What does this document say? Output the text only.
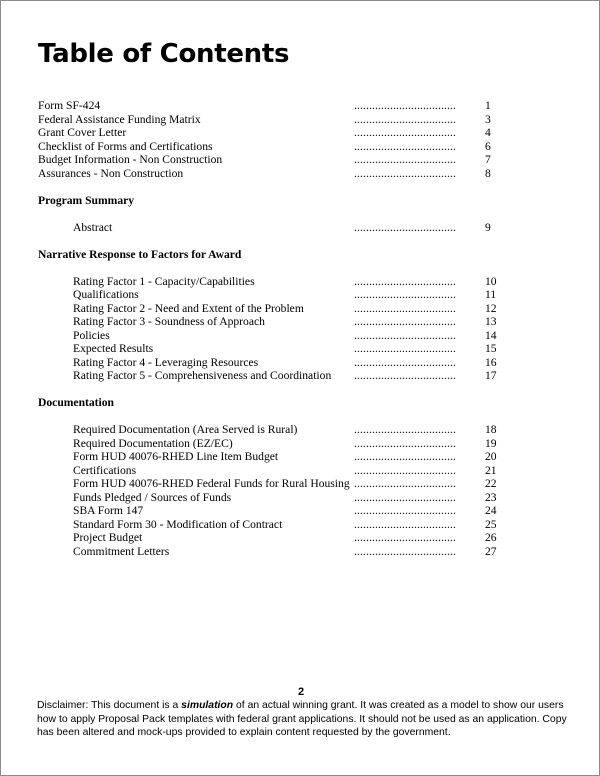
Table of Contents
Form SF-424	..................................	1
Federal Assistance Funding Matrix	..................................	3
Grant Cover Letter	..................................	4
Checklist of Forms and Certifications	..................................	6
Budget Information - Non Construction	..................................	7
Assurances - Non Construction	..................................	8
Program Summary
Abstract	..................................	9
Narrative Response to Factors for Award
Rating Factor 1 - Capacity/Capabilities	..................................	10
Qualifications	..................................	11
Rating Factor 2 - Need and Extent of the Problem	..................................	12
Rating Factor 3 - Soundness of Approach	..................................	13
Policies	..................................	14
Expected Results	..................................	15
Rating Factor 4 - Leveraging Resources	..................................	16
Rating Factor 5 - Comprehensiveness and Coordination ..................................	17
Documentation
Required Documentation (Area Served is Rural)	..................................	18
Required Documentation (EZ/EC)	..................................	19
Form HUD 40076-RHED Line Item Budget	..................................	20
Certifications	..................................	21
Form HUD 40076-RHED Federal Funds for Rural Housing ..................................	22
Funds Pledged / Sources of Funds	..................................	23
SBA Form 147	..................................	24
Standard Form 30 - Modification of Contract	..................................	25
Project Budget	..................................	26
Commitment Letters	..................................	27
2
Disclaimer: This document is a simulation of an actual winning grant. It was created as a model to show our users how to apply Proposal Pack templates with federal grant applications. It should not be used as an application. Copy has been altered and mock-ups provided to explain content requested by the government.
